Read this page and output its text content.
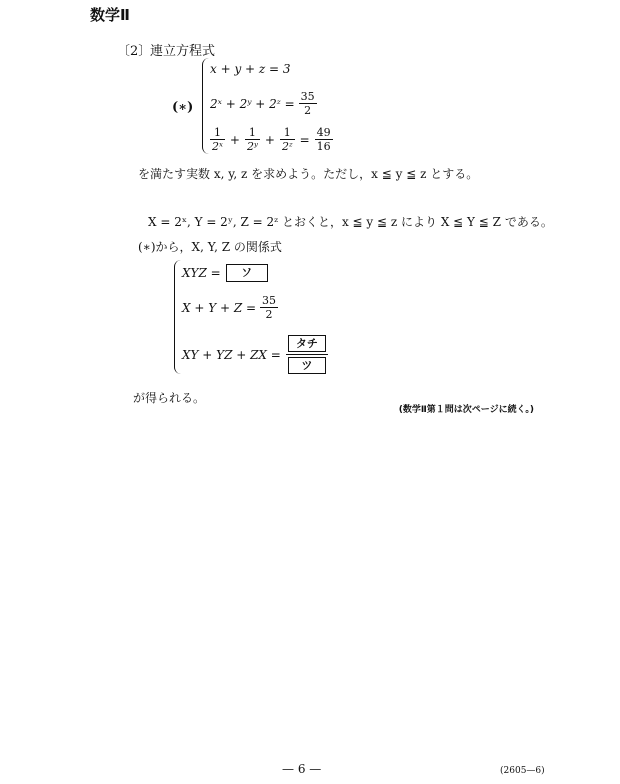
数学Ⅱ
〔2〕
連立方程式
(∗)
x + y + z = 3
2ˣ + 2ʸ + 2ᶻ = $\frac{35}{2}$
$\frac{1}{\text{2ˣ}} + \frac{1}{\text{2ʸ}} + \frac{1}{\text{2ᶻ}} = \frac{49}{16}$
を満たす実数 x, y, z を求めよう。ただし，x ≦ y ≦ z とする。
X = 2ˣ, Y = 2ʸ, Z = 2ᶻ とおくと，x ≦ y ≦ z により X ≦ Y ≦ Z である。
(∗)から，X, Y, Z の関係式
XYZ =	ソ
$X + Y + Z = \frac{35}{2}$
XY + YZ + ZX = $\frac{\text{タチ}}{\text{ツ}}$
が得られる。
(数学Ⅱ第１問は次ページに続く。)
— 6 —	(2605—6)
